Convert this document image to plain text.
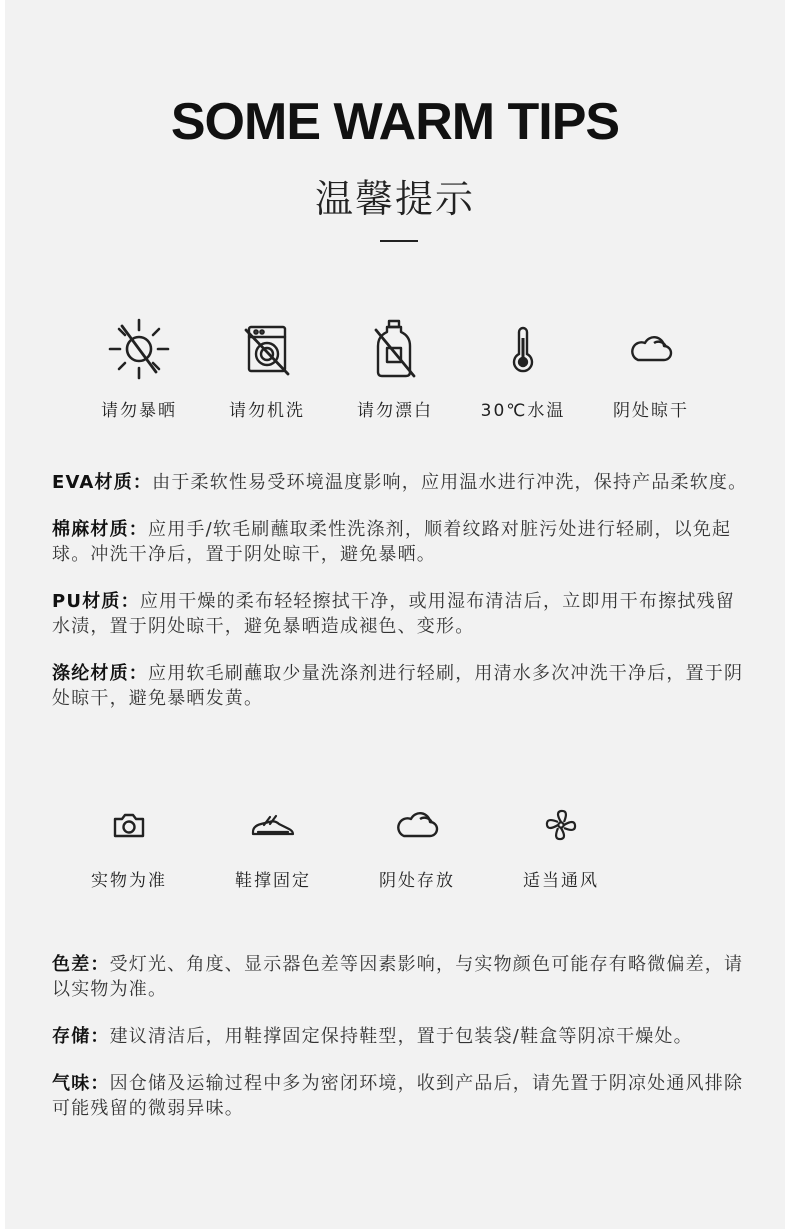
SOME WARM TIPS
温馨提示
请勿暴晒	请勿机洗	请勿漂白	30℃水温	阴处晾干
EVA材质：由于柔软性易受环境温度影响，应用温水进行冲洗，保持产品柔软度。
棉麻材质：应用手/软毛刷蘸取柔性洗涤剂，顺着纹路对脏污处进行轻刷，以免起球。冲洗干净后，置于阴处晾干，避免暴晒。
PU材质：应用干燥的柔布轻轻擦拭干净，或用湿布清洁后，立即用干布擦拭残留水渍，置于阴处晾干，避免暴晒造成褪色、变形。
涤纶材质：应用软毛刷蘸取少量洗涤剂进行轻刷，用清水多次冲洗干净后，置于阴处晾干，避免暴晒发黄。
实物为准	鞋撑固定	阴处存放	适当通风
色差：受灯光、角度、显示器色差等因素影响，与实物颜色可能存有略微偏差，请以实物为准。
存储：建议清洁后，用鞋撑固定保持鞋型，置于包装袋/鞋盒等阴凉干燥处。
气味：因仓储及运输过程中多为密闭环境，收到产品后，请先置于阴凉处通风排除可能残留的微弱异味。
